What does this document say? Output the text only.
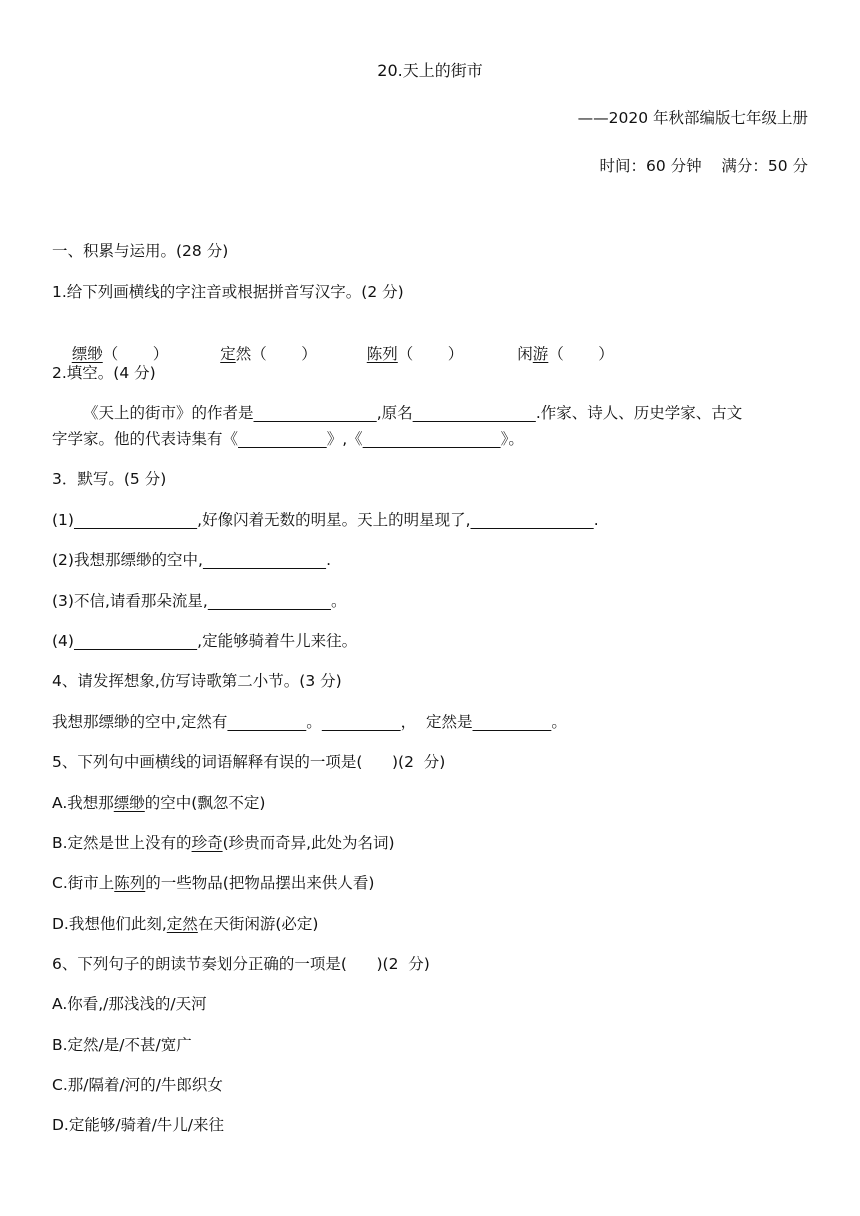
20.天上的街市
——2020 年秋部编版七年级上册
时间：60 分钟    满分：50 分
一、积累与运用。(28 分)
1.给下列画横线的字注音或根据拼音写汉字。(2 分)

缥缈（       ）	定然（       ）	陈列（       ）	闲游（       ）

2.填空。(4 分)
《天上的街市》的作者是	,原名	.作家、诗人、历史学家、古文
字学家。他的代表诗集有《	》,《	》。
3．默写。(5 分)
(1)	,好像闪着无数的明星。天上的明星现了,	.
(2)我想那缥缈的空中,	.
(3)不信,请看那朵流星,	。
(4)	,定能够骑着牛儿来往。
4、请发挥想象,仿写诗歌第二小节。(3 分)
我想那缥缈的空中,定然有	。	，  定然是	。
5、下列句中画横线的词语解释有误的一项是(      )(2  分)
A.我想那缥缈的空中(飘忽不定)
B.定然是世上没有的珍奇(珍贵而奇异,此处为名词)
C.街市上陈列的一些物品(把物品摆出来供人看)
D.我想他们此刻,定然在天街闲游(必定)
6、下列句子的朗读节奏划分正确的一项是(      )(2  分)
A.你看,/那浅浅的/天河
B.定然/是/不甚/宽广
C.那/隔着/河的/牛郎织女
D.定能够/骑着/牛儿/来往
